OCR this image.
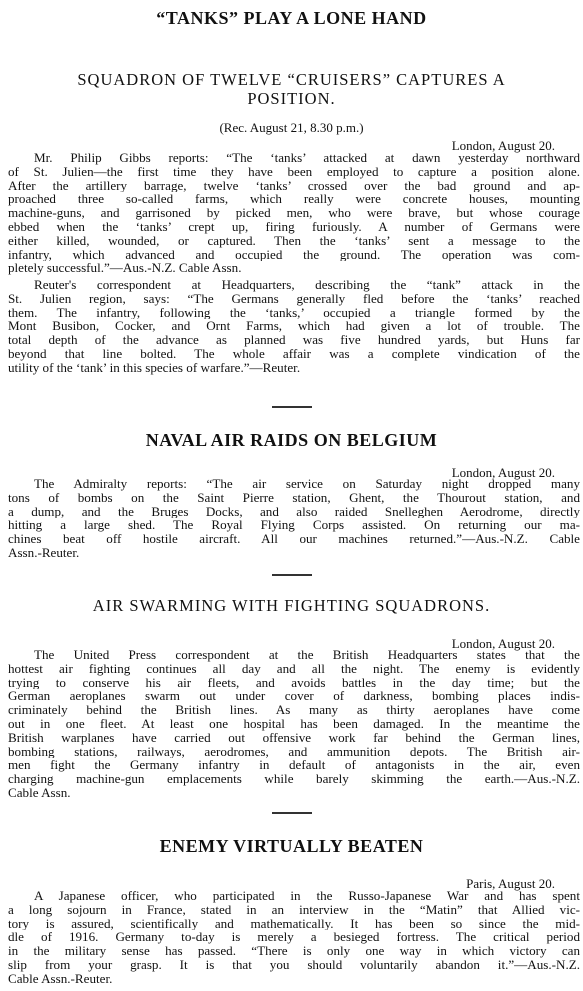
“TANKS” PLAY A LONE HAND
SQUADRON OF TWELVE “CRUISERS” CAPTURES A
POSITION.
(Rec. August 21, 8.30 p.m.)
London, August 20.
Mr. Philip Gibbs reports: “The ‘tanks’ attacked at dawn yesterday northward
of St. Julien—the first time they have been employed to capture a position alone.
After the artillery barrage, twelve ‘tanks’ crossed over the bad ground and ap-
proached three so-called farms, which really were concrete houses, mounting
machine-guns, and garrisoned by picked men, who were brave, but whose courage
ebbed when the ‘tanks’ crept up, firing furiously. A number of Germans were
either killed, wounded, or captured. Then the ‘tanks’ sent a message to the
infantry, which advanced and occupied the ground. The operation was com-
pletely successful.”—Aus.-N.Z. Cable Assn.
Reuter's correspondent at Headquarters, describing the “tank” attack in the
St. Julien region, says: “The Germans generally fled before the ‘tanks’ reached
them. The infantry, following the ‘tanks,’ occupied a triangle formed by the
Mont Busibon, Cocker, and Ornt Farms, which had given a lot of trouble. The
total depth of the advance as planned was five hundred yards, but Huns far
beyond that line bolted. The whole affair was a complete vindication of the
utility of the ‘tank’ in this species of warfare.”—Reuter.
NAVAL AIR RAIDS ON BELGIUM
London, August 20.
The Admiralty reports: “The air service on Saturday night dropped many
tons of bombs on the Saint Pierre station, Ghent, the Thourout station, and
a dump, and the Bruges Docks, and also raided Snelleghen Aerodrome, directly
hitting a large shed. The Royal Flying Corps assisted. On returning our ma-
chines beat off hostile aircraft. All our machines returned.”—Aus.-N.Z. Cable
Assn.-Reuter.
AIR SWARMING WITH FIGHTING SQUADRONS.
London, August 20.
The United Press correspondent at the British Headquarters states that the
hottest air fighting continues all day and all the night. The enemy is evidently
trying to conserve his air fleets, and avoids battles in the day time; but the
German aeroplanes swarm out under cover of darkness, bombing places indis-
criminately behind the British lines. As many as thirty aeroplanes have come
out in one fleet. At least one hospital has been damaged. In the meantime the
British warplanes have carried out offensive work far behind the German lines,
bombing stations, railways, aerodromes, and ammunition depots. The British air-
men fight the Germany infantry in default of antagonists in the air, even
charging machine-gun emplacements while barely skimming the earth.—Aus.-N.Z.
Cable Assn.
ENEMY VIRTUALLY BEATEN
Paris, August 20.
A Japanese officer, who participated in the Russo-Japanese War and has spent
a long sojourn in France, stated in an interview in the “Matin” that Allied vic-
tory is assured, scientifically and mathematically. It has been so since the mid-
dle of 1916. Germany to-day is merely a besieged fortress. The critical period
in the military sense has passed. “There is only one way in which victory can
slip from your grasp. It is that you should voluntarily abandon it.”—Aus.-N.Z.
Cable Assn.-Reuter.
